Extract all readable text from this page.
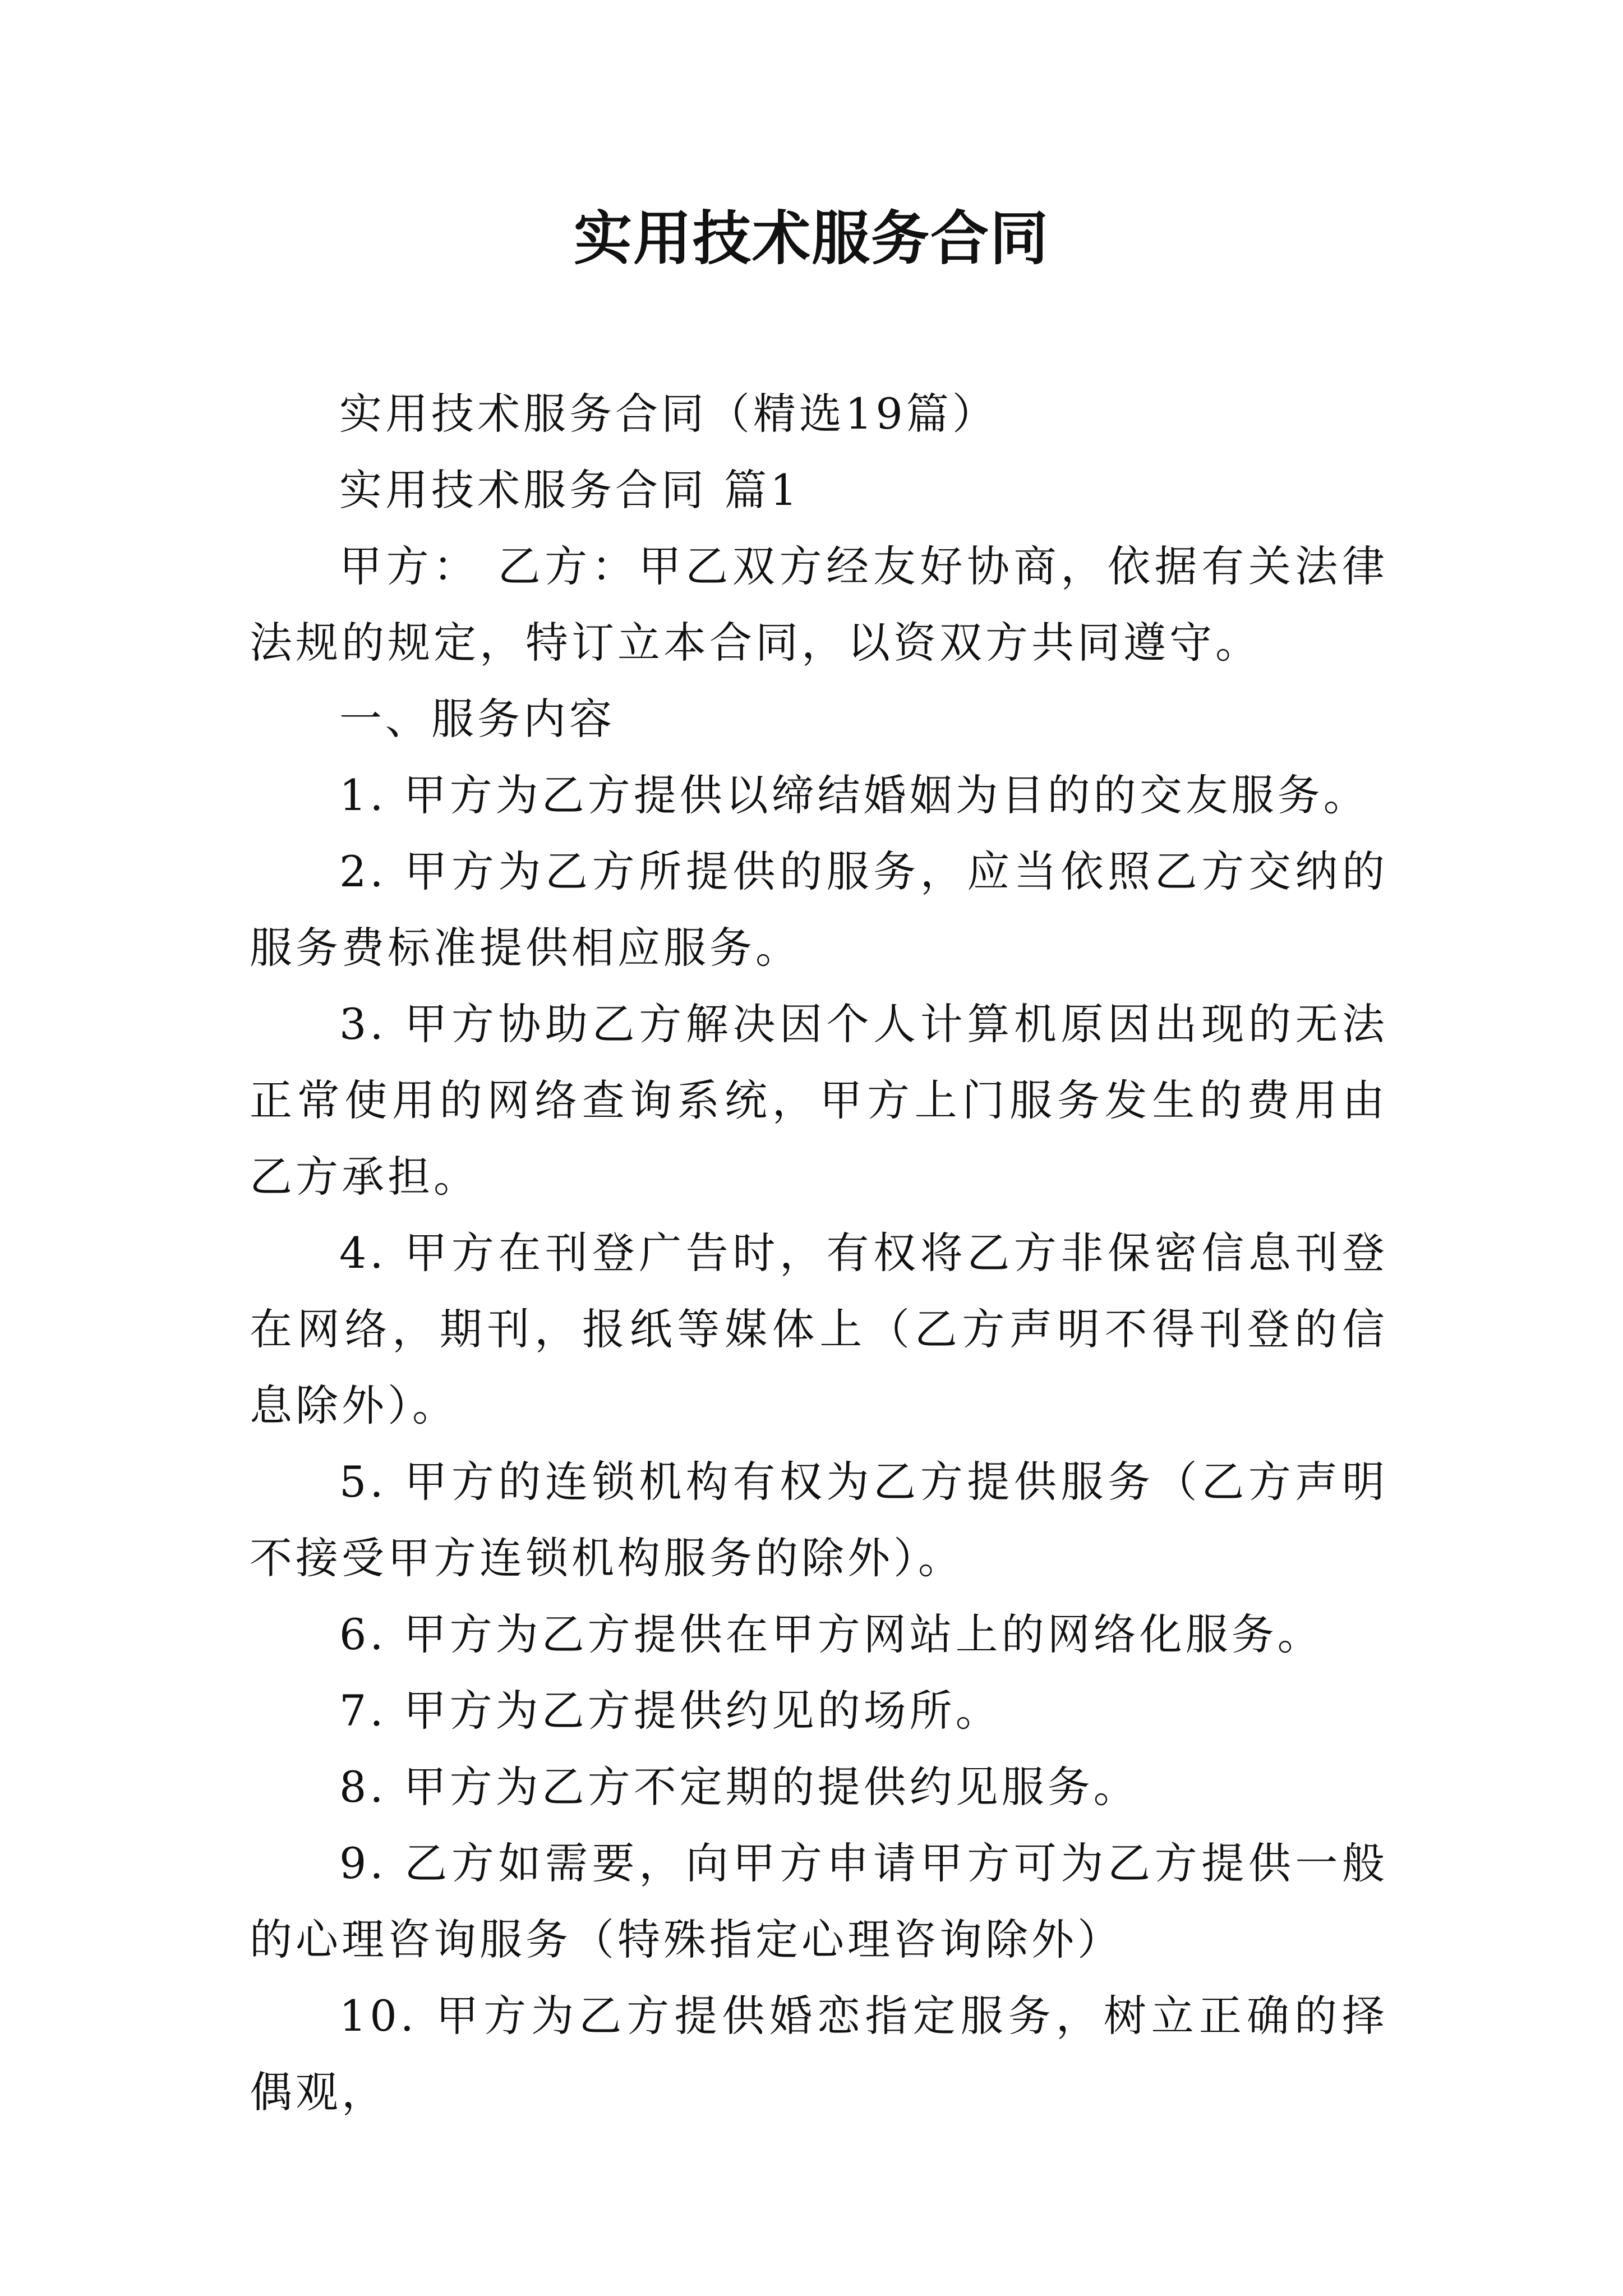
实用技术服务合同

实用技术服务合同（精选19篇）

实用技术服务合同 篇1

甲方： 乙方：甲乙双方经友好协商，依据有关法律法规的规定，特订立本合同，以资双方共同遵守。

一、服务内容

1. 甲方为乙方提供以缔结婚姻为目的的交友服务。

2. 甲方为乙方所提供的服务，应当依照乙方交纳的服务费标准提供相应服务。

3. 甲方协助乙方解决因个人计算机原因出现的无法正常使用的网络查询系统，甲方上门服务发生的费用由乙方承担。

4. 甲方在刊登广告时，有权将乙方非保密信息刊登在网络，期刊，报纸等媒体上（乙方声明不得刊登的信息除外）。

5. 甲方的连锁机构有权为乙方提供服务（乙方声明不接受甲方连锁机构服务的除外）。

6. 甲方为乙方提供在甲方网站上的网络化服务。

7. 甲方为乙方提供约见的场所。

8. 甲方为乙方不定期的提供约见服务。

9. 乙方如需要，向甲方申请甲方可为乙方提供一般的心理咨询服务（特殊指定心理咨询除外）

10. 甲方为乙方提供婚恋指定服务，树立正确的择偶观，
